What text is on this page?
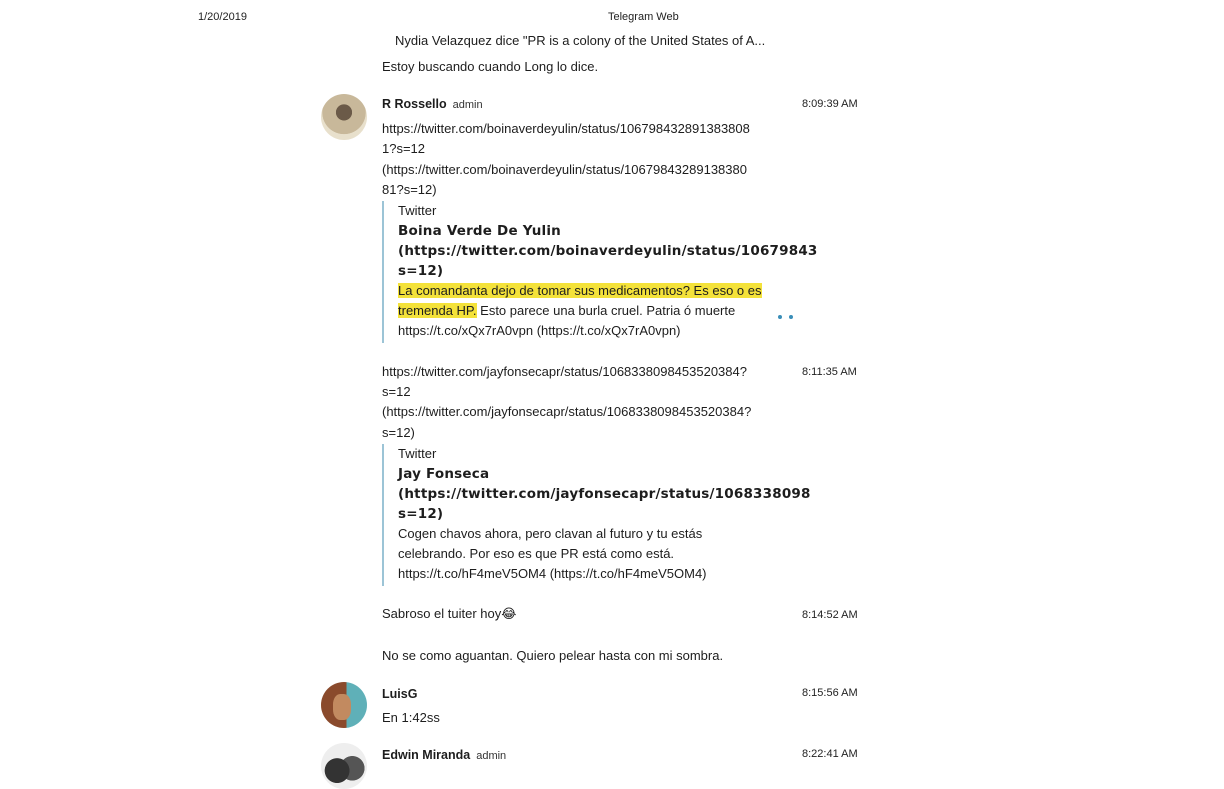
1/20/2019	Telegram Web
Nydia Velazquez dice "PR is a colony of the United States of A...
Estoy buscando cuando Long lo dice.
R Rossello admin	8:09:39 AM
https://twitter.com/boinaverdeyulin/status/106798432891383808
1?s=12
(https://twitter.com/boinaverdeyulin/status/10679843289138380
81?s=12)
Twitter
Boina Verde De Yulin
(https://twitter.com/boinaverdeyulin/status/10679843
s=12)
La comandanta dejo de tomar sus medicamentos? Es eso o es
tremenda HP. Esto parece una burla cruel. Patria ó muerte
https://t.co/xQx7rA0vpn (https://t.co/xQx7rA0vpn)
https://twitter.com/jayfonsecapr/status/1068338098453520384?	8:11:35 AM
s=12
(https://twitter.com/jayfonsecapr/status/1068338098453520384?
s=12)
Twitter
Jay Fonseca
(https://twitter.com/jayfonsecapr/status/1068338098
s=12)
Cogen chavos ahora, pero clavan al futuro y tu estás
celebrando. Por eso es que PR está como está.
https://t.co/hF4meV5OM4 (https://t.co/hF4meV5OM4)
Sabroso el tuiter hoy😂	8:14:52 AM
No se como aguantan. Quiero pelear hasta con mi sombra.
LuisG	8:15:56 AM
En 1:42ss
Edwin Miranda admin	8:22:41 AM
